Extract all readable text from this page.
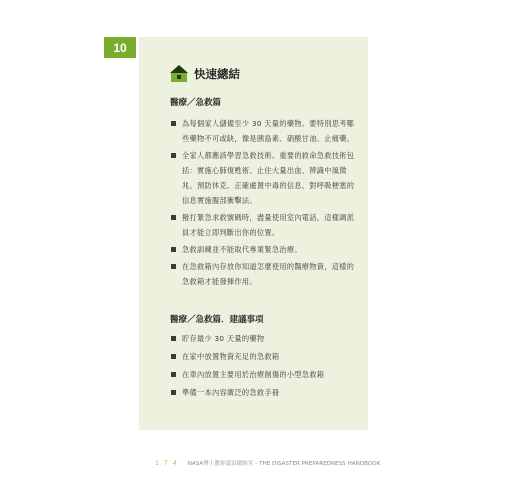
10
快速總結
醫療／急救篇
為每個家人儲備至少 30 天量的藥物。要特別思考哪些藥物不可或缺，像是胰島素、硝酸甘油、止痛藥。
全家人都應該學習急救技術。重要的救命急救技術包括：實施心肺復甦術、止住大量出血、辨識中風徵兆、預防休克、正確處置中毒的信息、對呼吸梗塞的信息實施腹部衝擊法。
撥打緊急求救號碼時，盡量使用室內電話，這樣調派員才能立即判斷出你的位置。
急救訓練並不能取代專業緊急治療。
在急救箱內存放你知道怎麼使用的醫療物資，這樣的急救箱才能發揮作用。
醫療／急救篇．建議事項
貯存最少 30 天量的藥物
在家中放置物資充足的急救箱
在車內放置主要用於治療創傷的小型急救箱
準備一本內容廣泛的急救手冊
174 NASA博士教你認真做防災 - THE DISASTER PREPAREDNESS HANDBOOK
